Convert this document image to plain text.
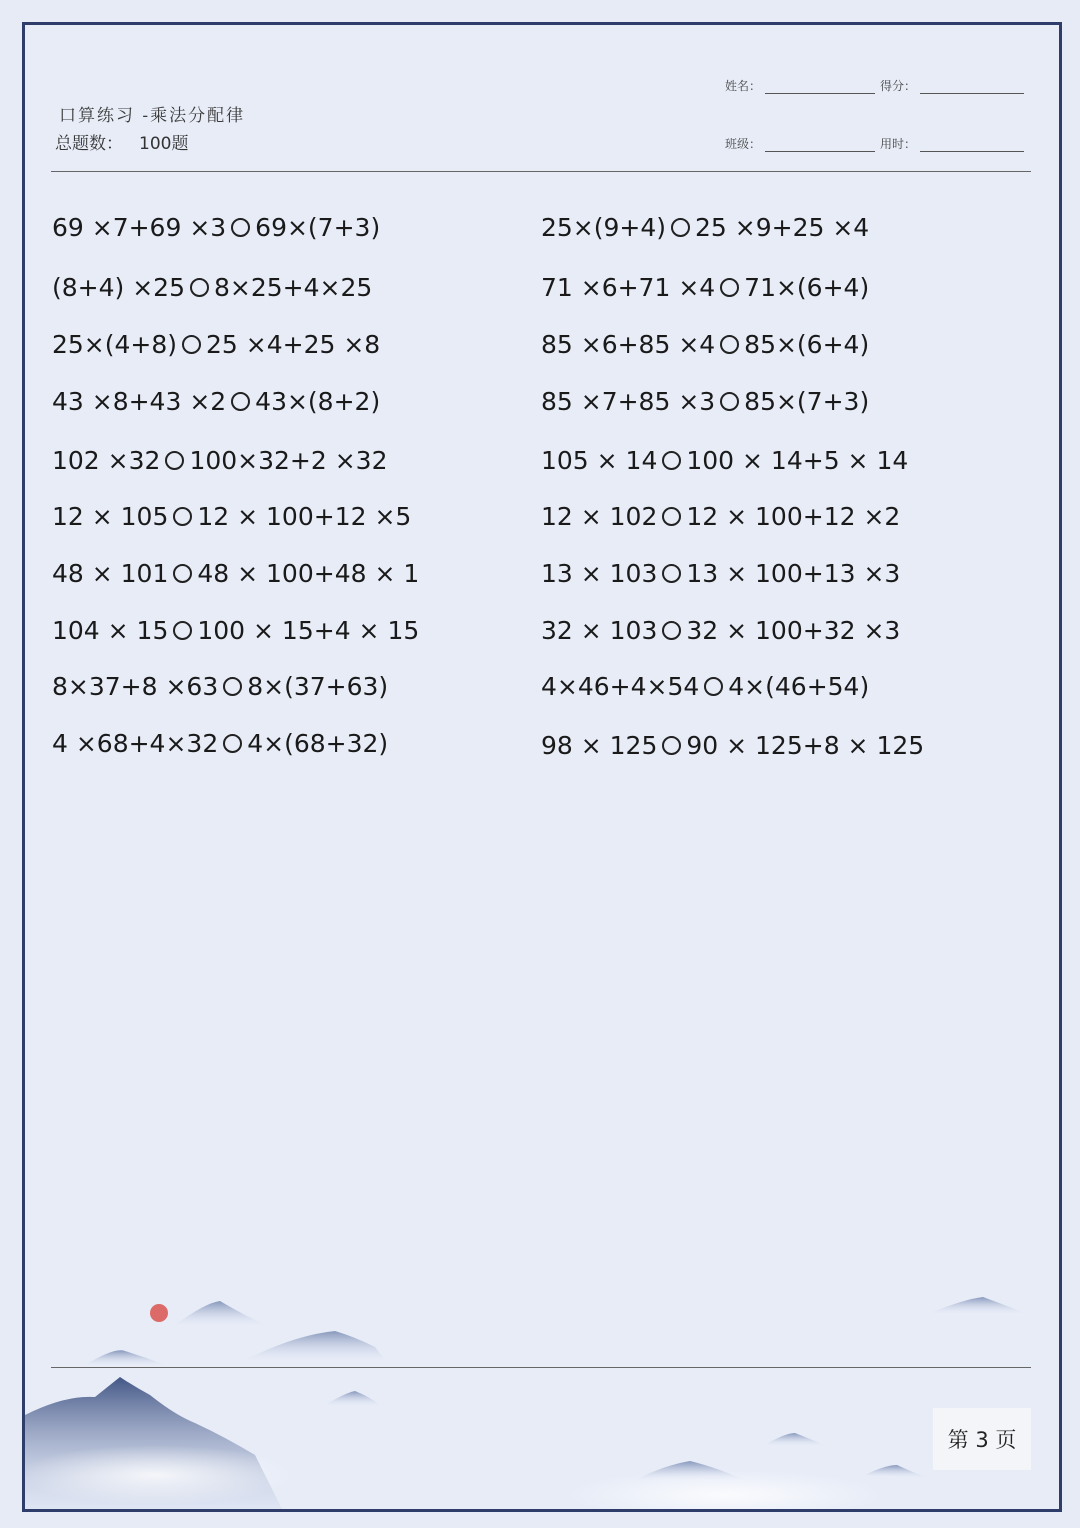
口算练习 -乘法分配律
总题数： 100题
姓名：	得分：
班级：	用时：
69 ×7+69 ×3 69×(7+3)
(8+4) ×25 8×25+4×25
25×(4+8) 25 ×4+25 ×8
43 ×8+43 ×2 43×(8+2)
102 ×32 100×32+2 ×32
12 × 105 12 × 100+12 ×5
48 × 101 48 × 100+48 × 1
104 × 15 100 × 15+4 × 15
8×37+8 ×63 8×(37+63)
4 ×68+4×32 4×(68+32)
25×(9+4) 25 ×9+25 ×4
71 ×6+71 ×4 71×(6+4)
85 ×6+85 ×4 85×(6+4)
85 ×7+85 ×3 85×(7+3)
105 × 14 100 × 14+5 × 14
12 × 102 12 × 100+12 ×2
13 × 103 13 × 100+13 ×3
32 × 103 32 × 100+32 ×3
4×46+4×54 4×(46+54)
98 × 125 90 × 125+8 × 125
第 3 页
